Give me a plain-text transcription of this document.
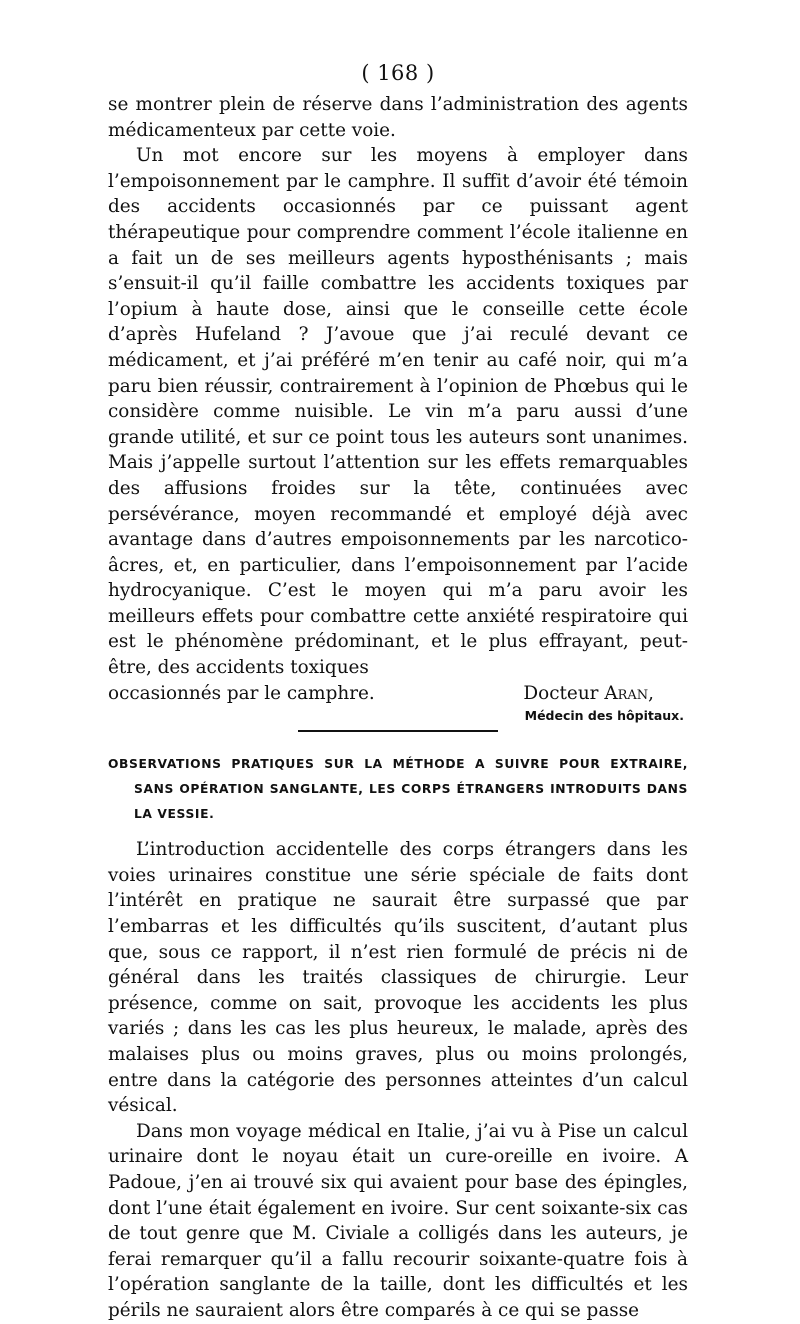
( 168 )

se montrer plein de réserve dans l’administration des agents médicamenteux par cette voie.

Un mot encore sur les moyens à employer dans l’empoisonnement par le camphre. Il suffit d’avoir été témoin des accidents occasionnés par ce puissant agent thérapeutique pour comprendre comment l’école italienne en a fait un de ses meilleurs agents hyposthénisants ; mais s’ensuit-il qu’il faille combattre les accidents toxiques par l’opium à haute dose, ainsi que le conseille cette école d’après Hufeland ? J’avoue que j’ai reculé devant ce médicament, et j’ai préféré m’en tenir au café noir, qui m’a paru bien réussir, contrairement à l’opinion de Phœbus qui le considère comme nuisible. Le vin m’a paru aussi d’une grande utilité, et sur ce point tous les auteurs sont unanimes. Mais j’appelle surtout l’attention sur les effets remarquables des affusions froides sur la tête, continuées avec persévérance, moyen recommandé et employé déjà avec avantage dans d’autres empoisonnements par les narcotico-âcres, et, en particulier, dans l’empoisonnement par l’acide hydrocyanique. C’est le moyen qui m’a paru avoir les meilleurs effets pour combattre cette anxiété respiratoire qui est le phénomène prédominant, et le plus effrayant, peut-être, des accidents toxiques

occasionnés par le camphre.	Docteur Aran,
Médecin des hôpitaux.
OBSERVATIONS PRATIQUES SUR LA MÉTHODE A SUIVRE POUR EXTRAIRE, SANS OPÉRATION SANGLANTE, LES CORPS ÉTRANGERS INTRODUITS DANS LA VESSIE.

L’introduction accidentelle des corps étrangers dans les voies urinaires constitue une série spéciale de faits dont l’intérêt en pratique ne saurait être surpassé que par l’embarras et les difficultés qu’ils suscitent, d’autant plus que, sous ce rapport, il n’est rien formulé de précis ni de général dans les traités classiques de chirurgie. Leur présence, comme on sait, provoque les accidents les plus variés ; dans les cas les plus heureux, le malade, après des malaises plus ou moins graves, plus ou moins prolongés, entre dans la catégorie des personnes atteintes d’un calcul vésical.

Dans mon voyage médical en Italie, j’ai vu à Pise un calcul urinaire dont le noyau était un cure-oreille en ivoire. A Padoue, j’en ai trouvé six qui avaient pour base des épingles, dont l’une était également en ivoire. Sur cent soixante-six cas de tout genre que M. Civiale a colligés dans les auteurs, je ferai remarquer qu’il a fallu recourir soixante-quatre fois à l’opération sanglante de la taille, dont les difficultés et les périls ne sauraient alors être comparés à ce qui se passe
